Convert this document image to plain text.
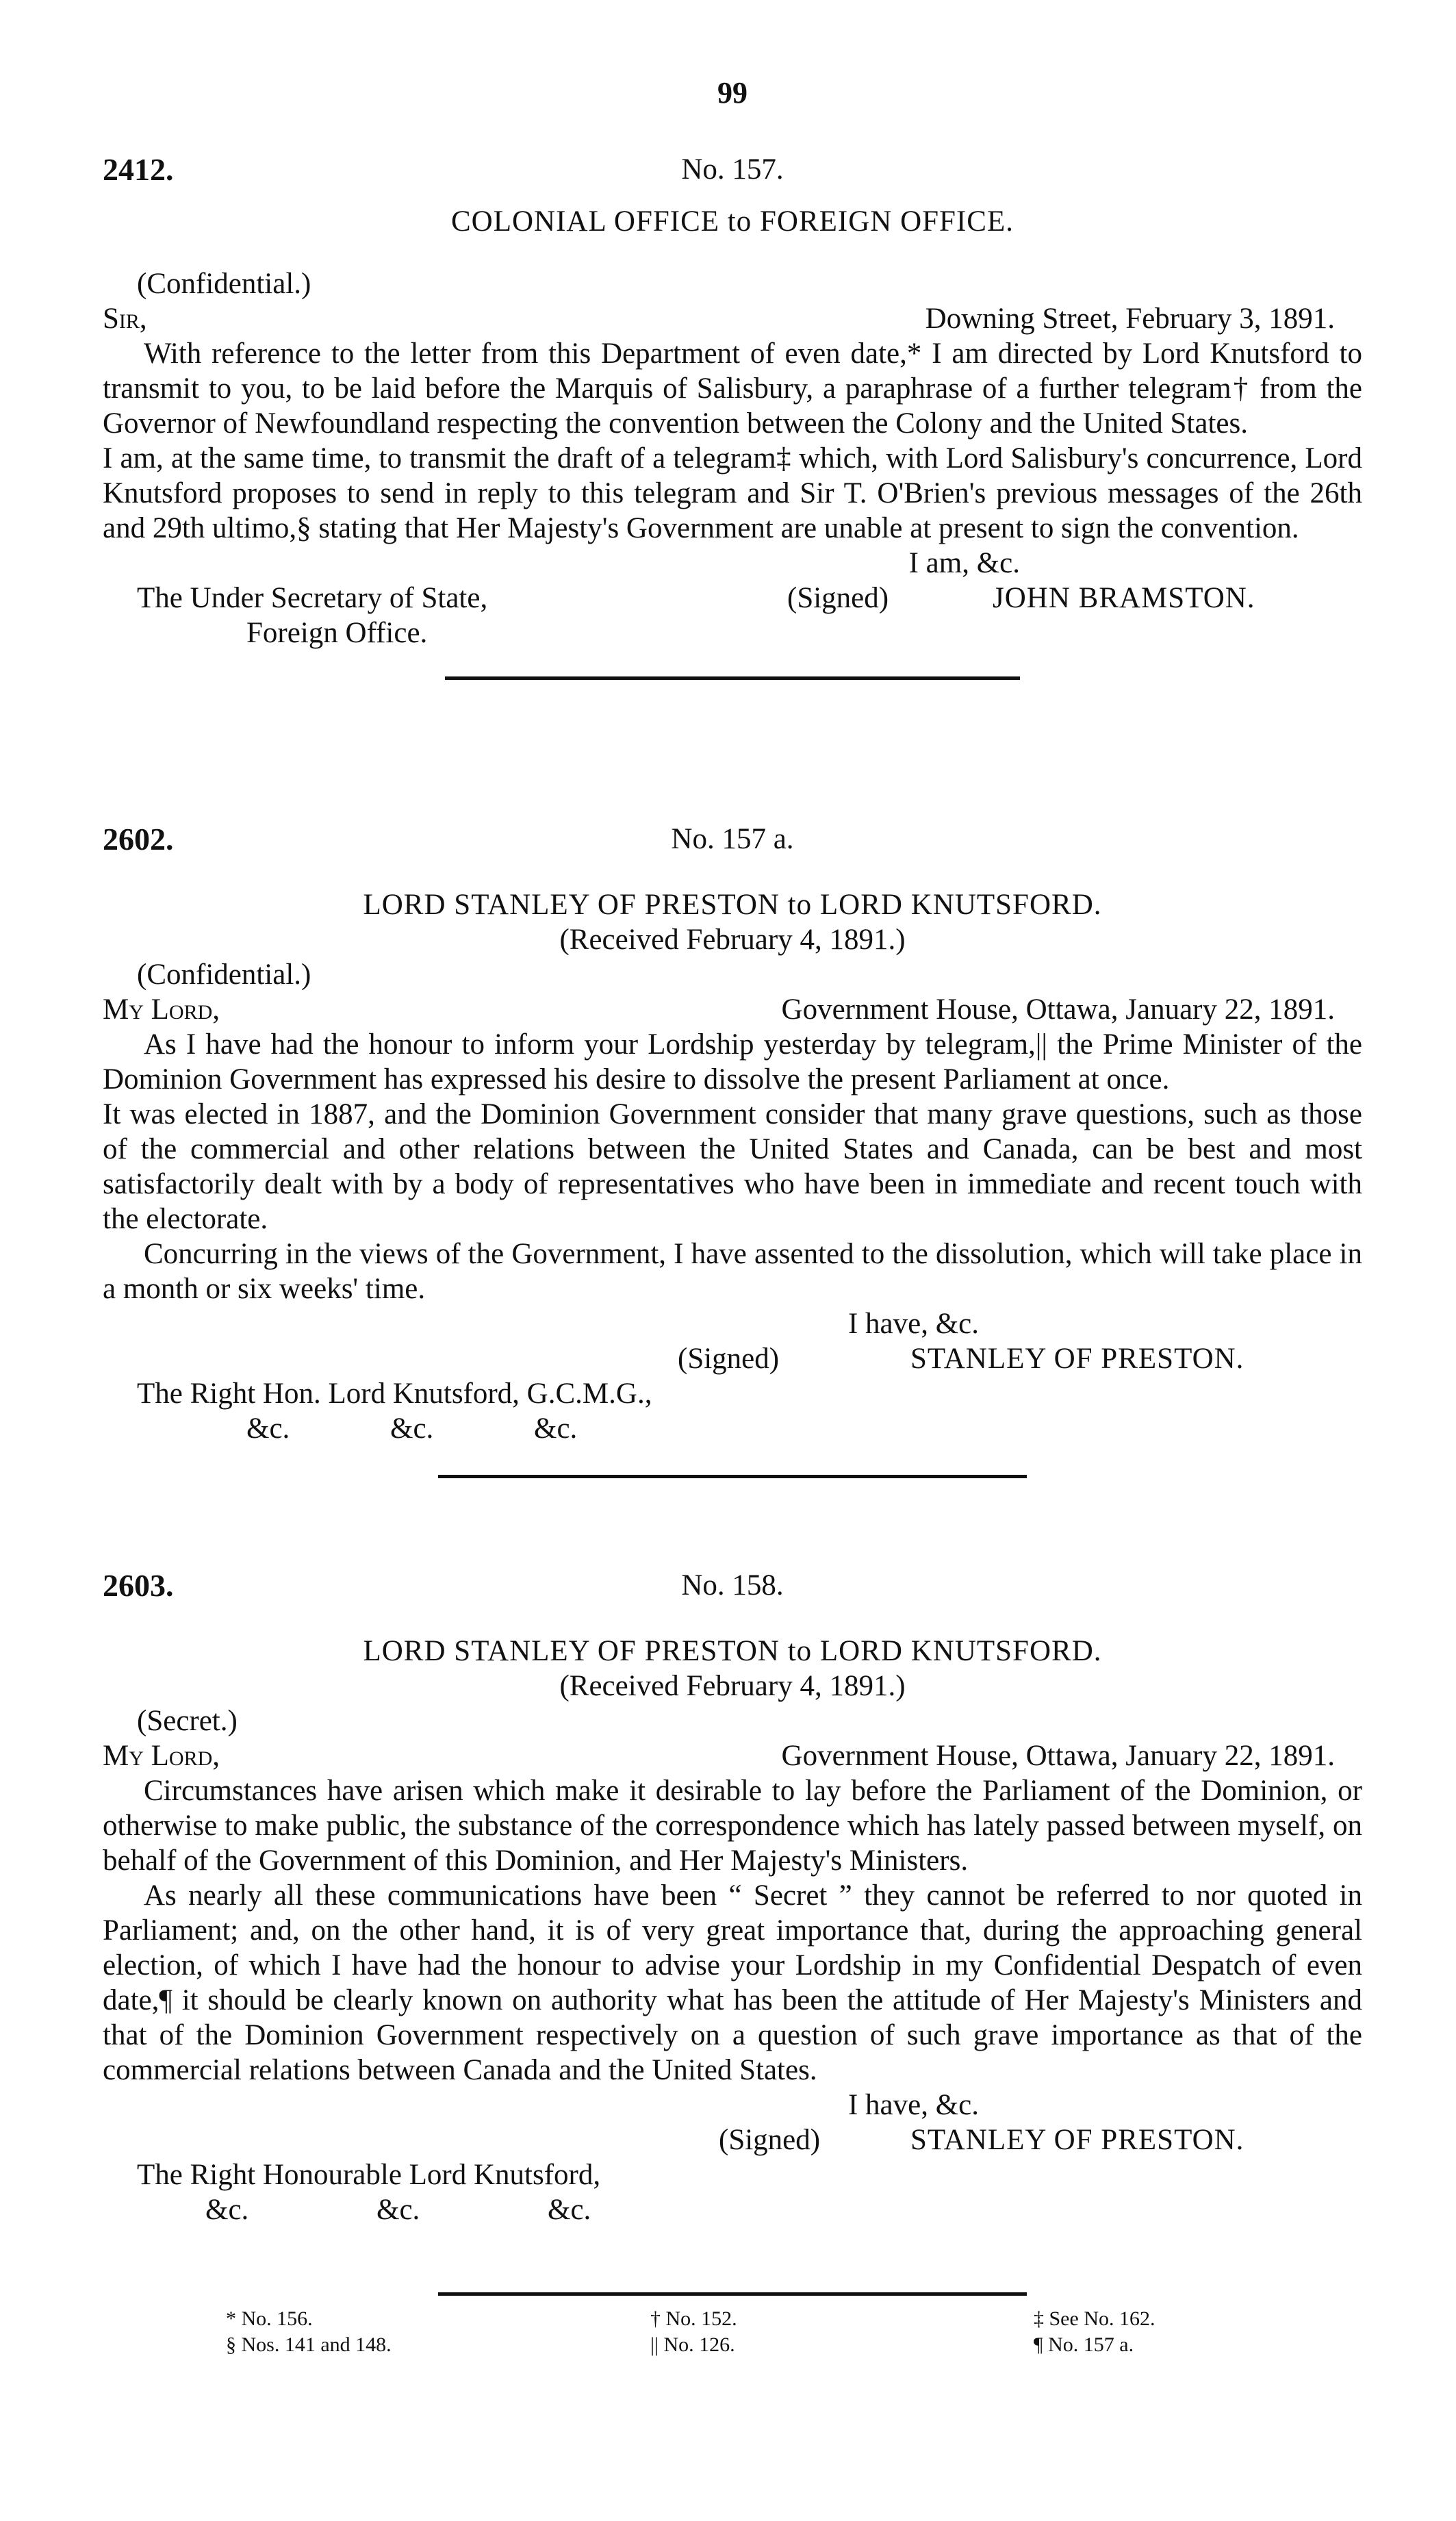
99
2412.	No. 157.
COLONIAL OFFICE to FOREIGN OFFICE.
(Confidential.)
Sir,	Downing Street, February 3, 1891.

With reference to the letter from this Department of even date,* I am directed by Lord Knutsford to transmit to you, to be laid before the Marquis of Salisbury, a paraphrase of a further telegram† from the Governor of Newfoundland respecting the convention between the Colony and the United States.

I am, at the same time, to transmit the draft of a telegram‡ which, with Lord Salisbury's concurrence, Lord Knutsford proposes to send in reply to this telegram and Sir T. O'Brien's previous messages of the 26th and 29th ultimo,§ stating that Her Majesty's Government are unable at present to sign the convention.

I am, &c.
The Under Secretary of State,	(Signed)	JOHN BRAMSTON.
Foreign Office.
2602.	No. 157 a.
LORD STANLEY OF PRESTON to LORD KNUTSFORD.
(Received February 4, 1891.)
(Confidential.)
My Lord,	Government House, Ottawa, January 22, 1891.

As I have had the honour to inform your Lordship yesterday by telegram,|| the Prime Minister of the Dominion Government has expressed his desire to dissolve the present Parliament at once.

It was elected in 1887, and the Dominion Government consider that many grave questions, such as those of the commercial and other relations between the United States and Canada, can be best and most satisfactorily dealt with by a body of representatives who have been in immediate and recent touch with the electorate.

Concurring in the views of the Government, I have assented to the dissolution, which will take place in a month or six weeks' time.

I have, &c.
(Signed)	STANLEY OF PRESTON.
The Right Hon. Lord Knutsford, G.C.M.G.,
&c.	&c.	&c.
2603.	No. 158.
LORD STANLEY OF PRESTON to LORD KNUTSFORD.
(Received February 4, 1891.)
(Secret.)
My Lord,	Government House, Ottawa, January 22, 1891.

Circumstances have arisen which make it desirable to lay before the Parliament of the Dominion, or otherwise to make public, the substance of the correspondence which has lately passed between myself, on behalf of the Government of this Dominion, and Her Majesty's Ministers.

As nearly all these communications have been “ Secret ” they cannot be referred to nor quoted in Parliament; and, on the other hand, it is of very great importance that, during the approaching general election, of which I have had the honour to advise your Lordship in my Confidential Despatch of even date,¶ it should be clearly known on authority what has been the attitude of Her Majesty's Ministers and that of the Dominion Government respectively on a question of such grave importance as that of the commercial relations between Canada and the United States.

I have, &c.
(Signed)	STANLEY OF PRESTON.
The Right Honourable Lord Knutsford,
&c.	&c.	&c.
* No. 156.
§ Nos. 141 and 148.
† No. 152.
|| No. 126.
‡ See No. 162.
¶ No. 157 a.
